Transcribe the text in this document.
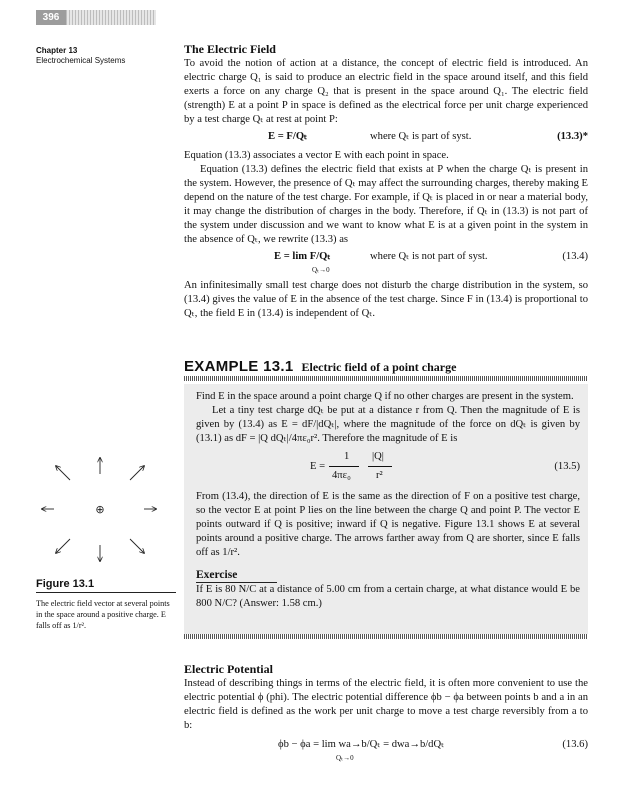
396
Chapter 13
Electrochemical Systems
The Electric Field

To avoid the notion of action at a distance, the concept of electric field is introduced. An electric charge Q₁ is said to produce an electric field in the space around itself, and this field exerts a force on any charge Q₂ that is present in the space around Q₁. The electric field (strength) E at a point P in space is defined as the electrical force per unit charge experienced by a test charge Qₜ at rest at point P:

E = F/Qₜ	where Qₜ is part of syst.	(13.3)*

Equation (13.3) associates a vector E with each point in space.

Equation (13.3) defines the electric field that exists at P when the charge Qₜ is present in the system. However, the presence of Qₜ may affect the surrounding charges, thereby making E depend on the nature of the test charge. For example, if Qₜ is placed in or near a material body, it may change the distribution of charges in the body. Therefore, if Qₜ in (13.3) is not part of the system under discussion and we want to know what E is at a given point in the system in the absence of Qₜ, we rewrite (13.3) as

E = lim F/Qₜ
Qₜ→0
where Qₜ is not part of syst.	(13.4)

An infinitesimally small test charge does not disturb the charge distribution in the system, so (13.4) gives the value of E in the absence of the test charge. Since F in (13.4) is proportional to Qₜ, the field E in (13.4) is independent of Qₜ.

EXAMPLE 13.1 Electric field of a point charge

Find E in the space around a point charge Q if no other charges are present in the system.

Let a tiny test charge dQₜ be put at a distance r from Q. Then the magnitude of E is given by (13.4) as E = dF/|dQₜ|, where the magnitude of the force on dQₜ is given by (13.1) as dF = |Q dQₜ|/4πε₀r². Therefore the magnitude of E is

E =
1
4πε₀
|Q|
r²
(13.5)

From (13.4), the direction of E is the same as the direction of F on a positive test charge, so the vector E at point P lies on the line between the charge Q and point P. The vector E points outward if Q is positive; inward if Q is negative. Figure 13.1 shows E at several points around a positive charge. The arrows farther away from Q are shorter, since E falls off as 1/r².

Exercise

If E is 80 N/C at a distance of 5.00 cm from a certain charge, at what distance would E be 800 N/C? (Answer: 1.58 cm.)

⊕
Figure 13.1
The electric field vector at several points in the space around a positive charge. E falls off as 1/r².
Electric Potential

Instead of describing things in terms of the electric field, it is often more convenient to use the electric potential ϕ (phi). The electric potential difference ϕb − ϕa between points b and a in an electric field is defined as the work per unit charge to move a test charge reversibly from a to b:

ϕb − ϕa = lim wa→b/Qₜ = dwa→b/dQₜ
Qₜ→0
(13.6)
